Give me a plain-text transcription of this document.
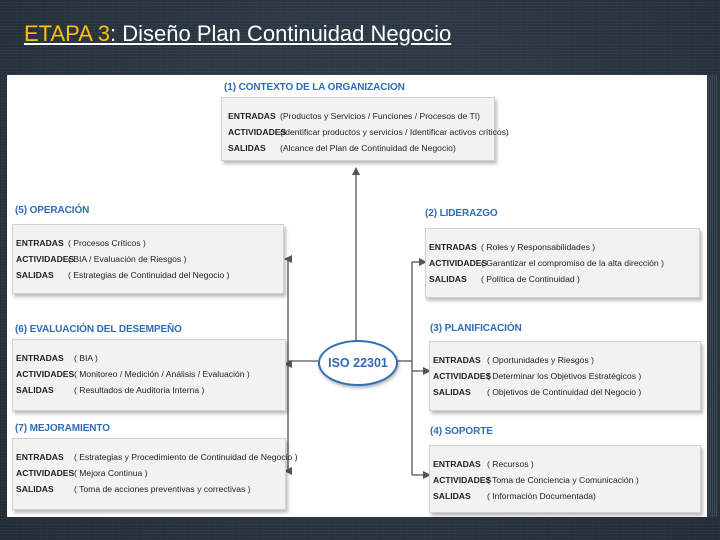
ETAPA 3: Diseño Plan Continuidad Negocio
(1) CONTEXTO DE LA ORGANIZACION
ENTRADAS (Productos y Servicios / Funciones / Procesos de TI)
ACTIVIDADES
(Identificar productos y servicios / Identificar activos críticos)
SALIDAS (Alcance del Plan de Continuidad de Negocio)
(5) OPERACIÓN
ENTRADAS ( Procesos Críticos )
ACTIVIDADES
( BIA / Evaluación de Riesgos )
SALIDAS ( Estrategias de Continuidad del Negocio )
(2) LIDERAZGO
ENTRADAS ( Roles y Responsabilidades )
ACTIVIDADES
( Garantizar el compromiso de la alta dirección )
SALIDAS ( Política de Continuidad )
(6) EVALUACIÓN DEL DESEMPEÑO
ENTRADAS ( BIA )
ACTIVIDADES ( Monitoreo / Medición / Análisis / Evaluación )
SALIDAS ( Resultados de Auditoria Interna )
(3) PLANIFICACIÓN
ENTRADAS ( Oportunidades y Riesgos )
ACTIVIDADES
( Determinar los Objetivos Estratégicos )
SALIDAS ( Objetivos de Continuidad del Negocio )
ISO 22301
(7) MEJORAMIENTO
ENTRADAS ( Estrategias y Procedimiento de Continuidad de Negocio )
ACTIVIDADES ( Mejora Continua )
SALIDAS ( Toma de acciones preventivas y correctivas )
(4) SOPORTE
ENTRADAS ( Recursos )
ACTIVIDADES
( Toma de Conciencia y Comunicación )
SALIDAS ( Información Documentada)
